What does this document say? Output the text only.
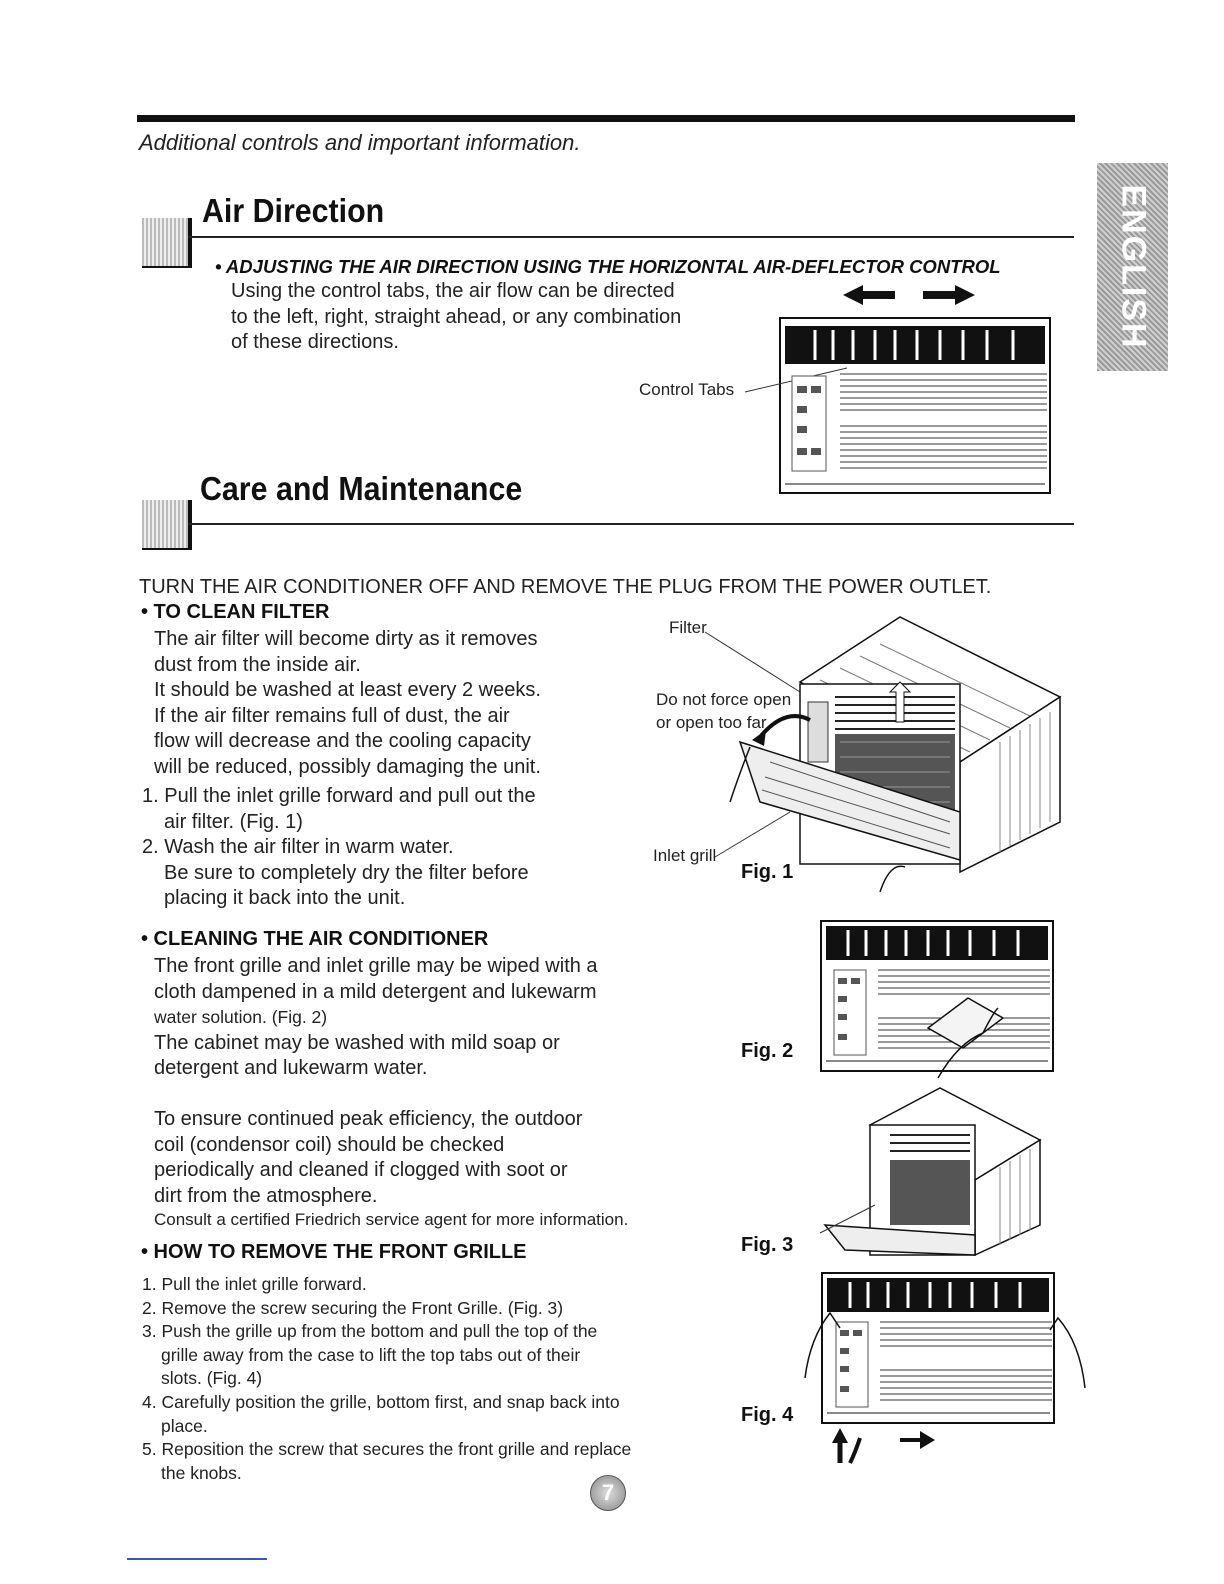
Additional controls and important information.
ENGLISH
Air Direction
• ADJUSTING THE AIR DIRECTION USING THE HORIZONTAL AIR-DEFLECTOR CONTROL

Using the control tabs, the air flow can be directed

to the left, right, straight ahead, or any combination

of these directions.

Control Tabs
Care and Maintenance
TURN THE AIR CONDITIONER OFF AND REMOVE THE PLUG FROM THE POWER OUTLET.
• TO CLEAN FILTER

The air filter will become dirty as it removes

dust from the inside air.

It should be washed at least every 2 weeks.

If the air filter remains full of dust, the air

flow will decrease and the cooling capacity

will be reduced, possibly damaging the unit.

1. Pull the inlet grille forward and pull out the

air filter. (Fig. 1)

2. Wash the air filter in warm water.

Be sure to completely dry the filter before

placing it back into the unit.

• CLEANING THE AIR CONDITIONER

The front grille and inlet grille may be wiped with a

cloth dampened in a mild detergent and lukewarm

water solution. (Fig. 2)

The cabinet may be washed with mild soap or

detergent and lukewarm water.

To ensure continued peak efficiency, the outdoor

coil (condensor coil) should be checked

periodically and cleaned if clogged with soot or

dirt from the atmosphere.

Consult a certified Friedrich service agent for more information.
• HOW TO REMOVE THE FRONT GRILLE

1. Pull the inlet grille forward.

2. Remove the screw securing the Front Grille. (Fig. 3)

3. Push the grille up from the bottom and pull the top of the

grille away from the case to lift the top tabs out of their

slots. (Fig. 4)

4. Carefully position the grille, bottom first, and snap back into

place.

5. Reposition the screw that secures the front grille and replace

the knobs.

Filter
Do not force open
or open too far
Inlet grill
Fig. 1
Fig. 2
Fig. 3
Fig. 4
7
